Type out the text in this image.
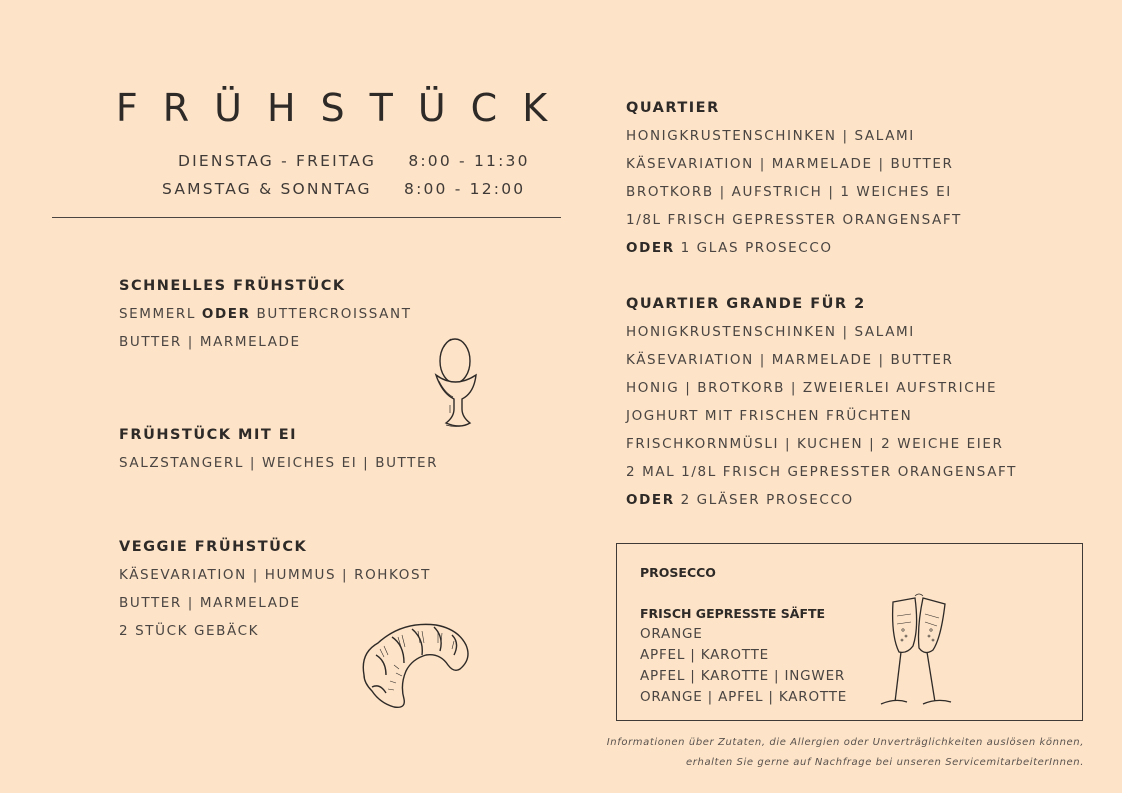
FRÜHSTÜCK
DIENSTAG - FREITAG 8:00 - 11:30
SAMSTAG & SONNTAG 8:00 - 12:00
SCHNELLES FRÜHSTÜCK
SEMMERL ODER BUTTERCROISSANT
BUTTER | MARMELADE
FRÜHSTÜCK MIT EI
SALZSTANGERL | WEICHES EI | BUTTER
VEGGIE FRÜHSTÜCK
KÄSEVARIATION | HUMMUS | ROHKOST
BUTTER | MARMELADE
2 STÜCK GEBÄCK
QUARTIER
HONIGKRUSTENSCHINKEN | SALAMI
KÄSEVARIATION | MARMELADE | BUTTER
BROTKORB | AUFSTRICH | 1 WEICHES EI
1/8L FRISCH GEPRESSTER ORANGENSAFT
ODER 1 GLAS PROSECCO
QUARTIER GRANDE FÜR 2
HONIGKRUSTENSCHINKEN | SALAMI
KÄSEVARIATION | MARMELADE | BUTTER
HONIG | BROTKORB | ZWEIERLEI AUFSTRICHE
JOGHURT MIT FRISCHEN FRÜCHTEN
FRISCHKORNMÜSLI | KUCHEN | 2 WEICHE EIER
2 MAL 1/8L FRISCH GEPRESSTER ORANGENSAFT
ODER 2 GLÄSER PROSECCO
PROSECCO
FRISCH GEPRESSTE SÄFTE
ORANGE
APFEL | KAROTTE
APFEL | KAROTTE | INGWER
ORANGE | APFEL | KAROTTE
Informationen über Zutaten, die Allergien oder Unverträglichkeiten auslösen können,
erhalten Sie gerne auf Nachfrage bei unseren ServicemitarbeiterInnen.
